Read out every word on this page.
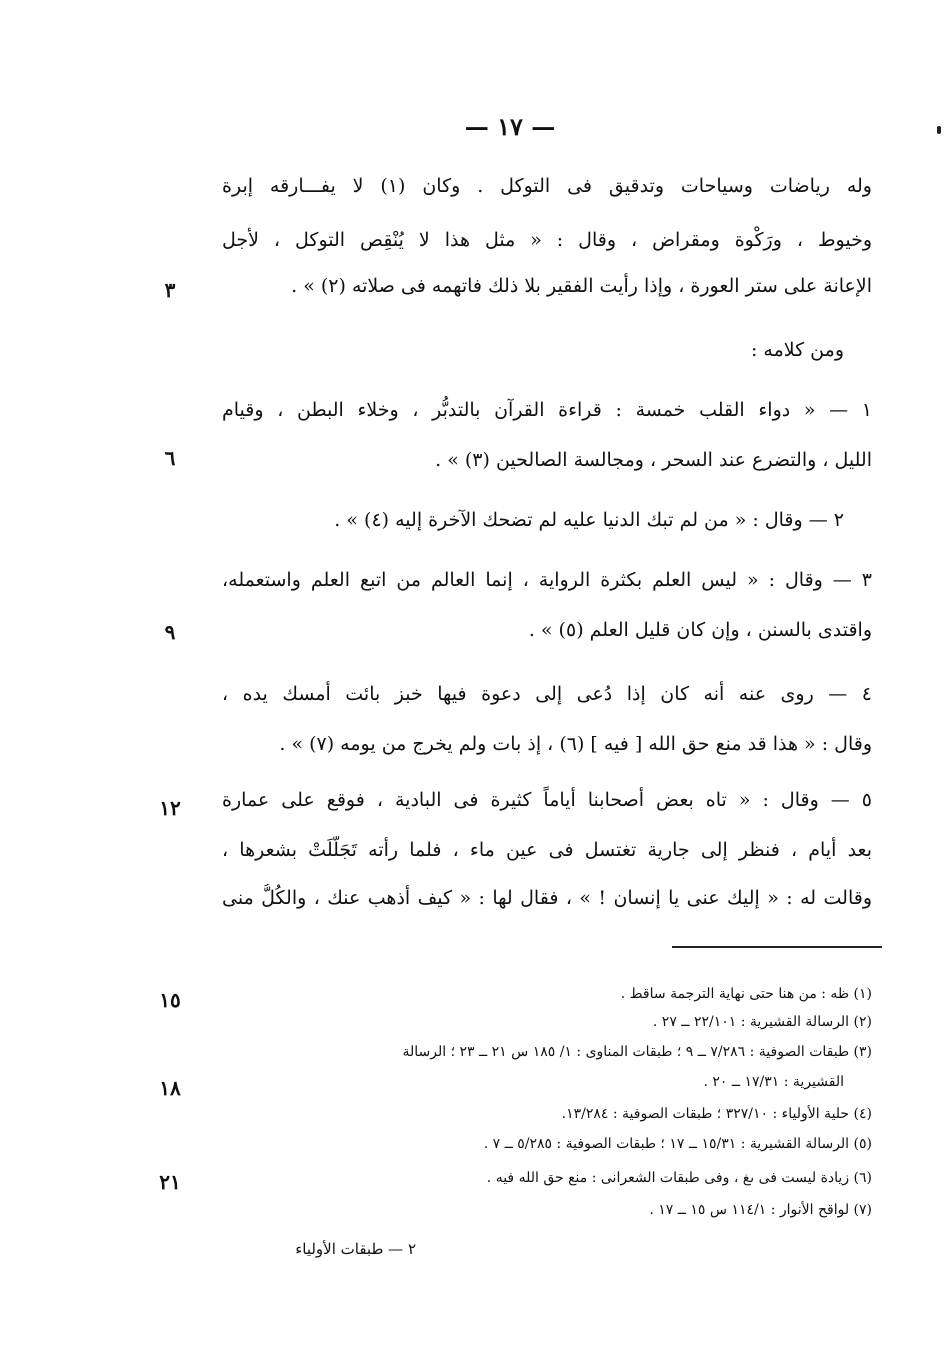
— ١٧ —
وله رياضات وسياحات وتدقيق فى التوكل . وكان (١) لا يفـــارقه إبرة
وخيوط ، ورَكْوة ومقراض ، وقال : « مثل هذا لا يُنْقِص التوكل ، لأجل
الإعانة على ستر العورة ، وإذا رأيت الفقير بلا ذلك فاتهمه فى صلاته (٢) » .
ومن كلامه :
١ — « دواء القلب خمسة : قراءة القرآن بالتدبُّر ، وخلاء البطن ، وقيام
الليل ، والتضرع عند السحر ، ومجالسة الصالحين (٣) » .
٢ — وقال : « من لم تبك الدنيا عليه لم تضحك الآخرة إليه (٤) » .
٣ — وقال : « ليس العلم بكثرة الرواية ، إنما العالم من اتبع العلم واستعمله،
واقتدى بالسنن ، وإن كان قليل العلم (٥) » .
٤ — روى عنه أنه كان إذا دُعى إلى دعوة فيها خبز بائت أمسك يده ،
وقال : « هذا قد منع حق الله [ فيه ] (٦) ، إذ بات ولم يخرج من يومه (٧) » .
٥ — وقال : « تاه بعض أصحابنا أياماً كثيرة فى البادية ، فوقع على عمارة
بعد أيام ، فنظر إلى جارية تغتسل فى عين ماء ، فلما رأته تَجَلَّلَتْ بشعرها ،
وقالت له : « إليك عنى يا إنسان ! » ، فقال لها : « كيف أذهب عنك ، والكُلُّ منى
٣
٦
٩
١٢
١٥
١٨
٢١
(١) ظه : من هنا حتى نهاية الترجمة ساقط .
(٢) الرسالة القشيرية : ٢٢/١٠١ ــ ٢٧ .
(٣) طبقات الصوفية : ٧/٢٨٦ ــ ٩ ؛ طبقات المناوى : ١/ ١٨٥ س ٢١ ــ ٢٣ ؛ الرسالة
القشيرية : ١٧/٣١ ــ ٢٠ .
(٤) حلية الأولياء : ٣٢٧/١٠ ؛ طبقات الصوفية : ١٣/٢٨٤.
(٥) الرسالة القشيرية : ١٥/٣١ ــ ١٧ ؛ طبقات الصوفية : ٥/٢٨٥ ــ ٧ .
(٦) زيادة ليست فى ىغ ، وفى طبقات الشعرانى : منع حق الله فيه .
(٧) لواقح الأنوار : ١١٤/١ س ١٥ ــ ١٧ .
٢ — طبقات الأولياء
